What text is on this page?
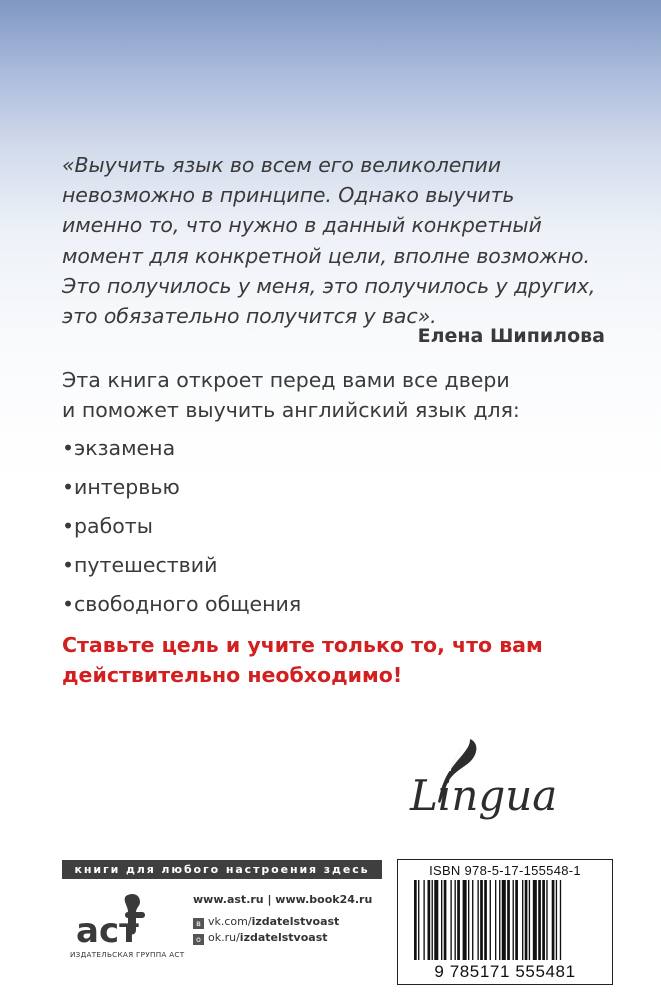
«Выучить язык во всем его великолепии
невозможно в принципе. Однако выучить
именно то, что нужно в данный конкретный
момент для конкретной цели, вполне возможно.
Это получилось у меня, это получилось у других,
это обязательно получится у вас».
Елена Шипилова
Эта книга откроет перед вами все двери
и поможет выучить английский язык для:
•экзамена
•интервью
•работы
•путешествий
•свободного общения
Ставьте цель и учите только то, что вам
действительно необходимо!
Lingua
книги для любого настроения здесь
аст
ИЗДАТЕЛЬСКАЯ ГРУППА АСТ
www.ast.ru | www.book24.ru
в vk.com/izdatelstvoast
о ok.ru/izdatelstvoast
ISBN 978-5-17-155548-1
9 785171 555481
